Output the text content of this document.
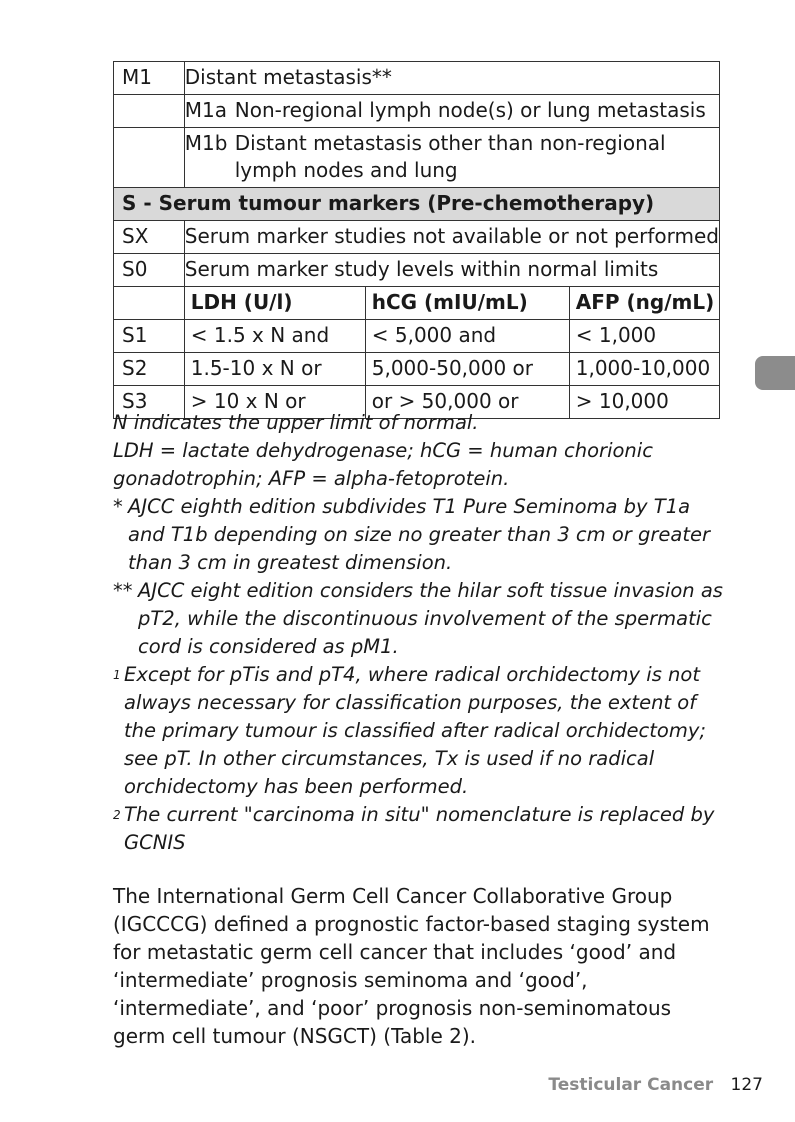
M1	Distant metastasis**		

	M1a Non-regional lymph node(s) or lung metastasis		

	M1b Distant metastasis other than non-regional lymph nodes and lung		

S - Serum tumour markers (Pre-chemotherapy)			
SX	Serum marker studies not available or not performed		
S0	Serum marker study levels within normal limits		
	LDH (U/l)	hCG (mIU/mL)	AFP (ng/mL)
S1	< 1.5 x N and	< 5,000 and	< 1,000
S2	1.5-10 x N or	5,000-50,000 or	1,000-10,000
S3	> 10 x N or	or > 50,000 or	> 10,000

N indicates the upper limit of normal.

LDH = lactate dehydrogenase; hCG = human chorionic gonadotrophin; AFP = alpha-fetoprotein.

* AJCC eighth edition subdivides T1 Pure Seminoma by T1a and T1b depending on size no greater than 3 cm or greater than 3 cm in greatest dimension.
** AJCC eight edition considers the hilar soft tissue invasion as pT2, while the discontinuous involvement of the spermatic cord is considered as pM1.
$^1$ Except for pTis and pT4, where radical orchidectomy is not always necessary for classification purposes, the extent of the primary tumour is classified after radical orchidectomy; see pT. In other circumstances, Tx is used if no radical orchidectomy has been performed.
$^2$ The current "carcinoma in situ" nomenclature is replaced by GCNIS

The International Germ Cell Cancer Collaborative Group (IGCCCG) defined a prognostic factor-based staging system for metastatic germ cell cancer that includes ‘good’ and ‘intermediate’ prognosis seminoma and ‘good’, ‘intermediate’, and ‘poor’ prognosis non-seminomatous germ cell tumour (NSGCT) (Table 2).

Testicular Cancer 127
